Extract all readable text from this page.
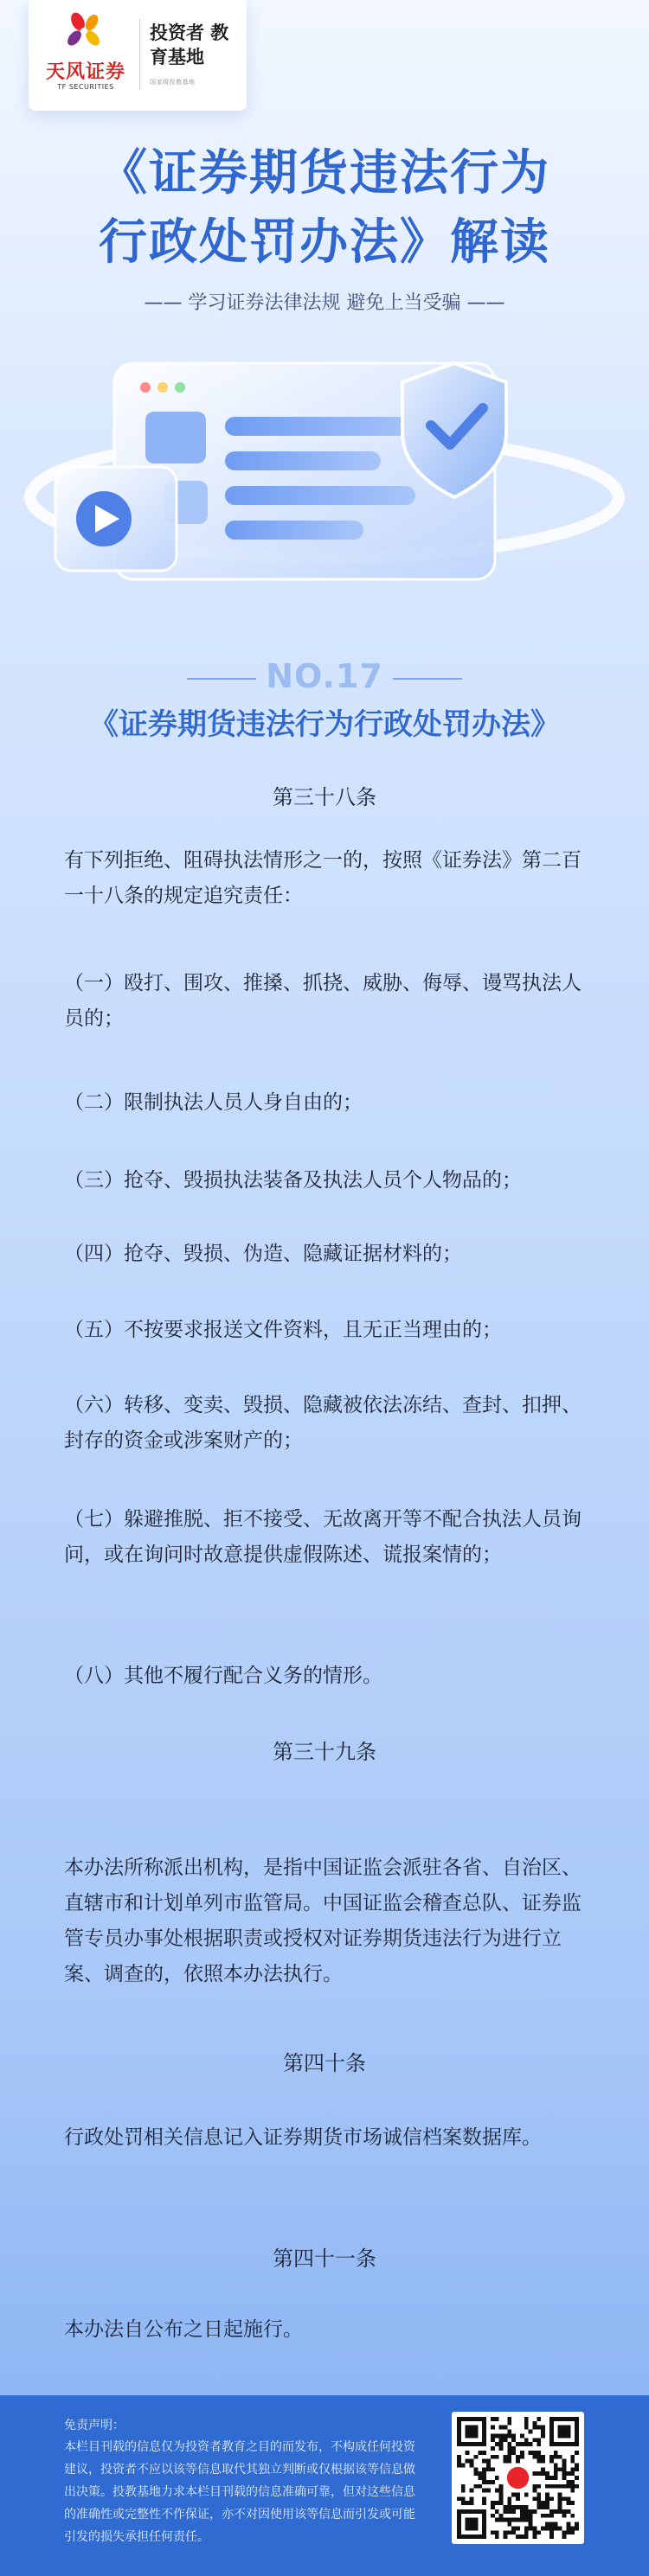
天风证券
TF SECURITIES
投资者 教育基地
国家级投教基地
《证券期货违法行为
行政处罚办法》解读
—— 学习证券法律法规 避免上当受骗 ——
NO.17
《证券期货违法行为行政处罚办法》
第三十八条
有下列拒绝、阻碍执法情形之一的，按照《证券法》第二百一十八条的规定追究责任：
（一）殴打、围攻、推搡、抓挠、威胁、侮辱、谩骂执法人员的；
（二）限制执法人员人身自由的；
（三）抢夺、毁损执法装备及执法人员个人物品的；
（四）抢夺、毁损、伪造、隐藏证据材料的；
（五）不按要求报送文件资料，且无正当理由的；
（六）转移、变卖、毁损、隐藏被依法冻结、查封、扣押、封存的资金或涉案财产的；
（七）躲避推脱、拒不接受、无故离开等不配合执法人员询问，或在询问时故意提供虚假陈述、谎报案情的；
（八）其他不履行配合义务的情形。
第三十九条
本办法所称派出机构，是指中国证监会派驻各省、自治区、直辖市和计划单列市监管局。中国证监会稽查总队、证券监管专员办事处根据职责或授权对证券期货违法行为进行立案、调查的，依照本办法执行。
第四十条
行政处罚相关信息记入证券期货市场诚信档案数据库。
第四十一条
本办法自公布之日起施行。
免责声明：
本栏目刊载的信息仅为投资者教育之目的而发布，不构成任何投资建议，投资者不应以该等信息取代其独立判断或仅根据该等信息做出决策。投教基地力求本栏目刊载的信息准确可靠，但对这些信息的准确性或完整性不作保证，亦不对因使用该等信息而引发或可能引发的损失承担任何责任。
